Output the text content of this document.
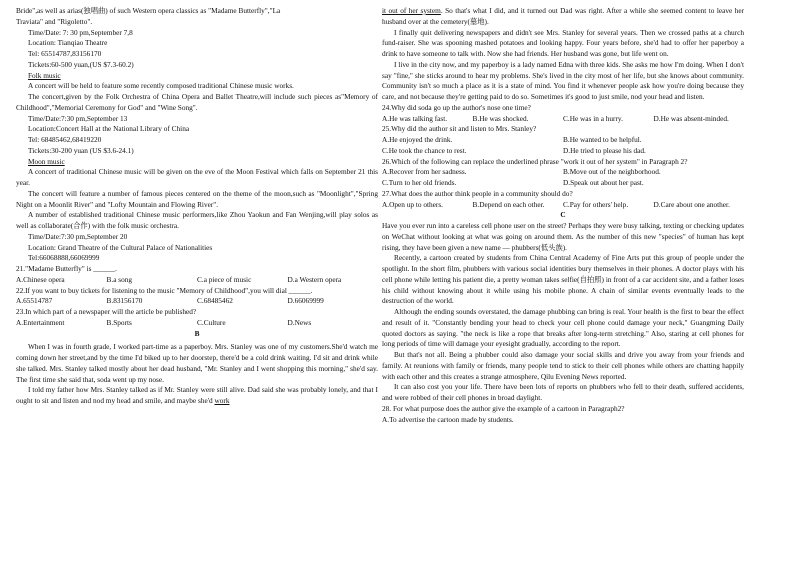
Bride",as well as arias(独唱曲) of such Western opera classics as "Madame Butterfly","La

Traviata" and "Rigoletto".

Time/Date: 7: 30 pm,September 7,8

Location: Tianqiao Theatre

Tel: 65514787,83156170

Tickets:60-500 yuan,(US $7.3-60.2)

Folk music

A concert will be held to feature some recently composed traditional Chinese music works.

The concert,given by the Folk Orchestra of China Opera and Ballet Theatre,will include such pieces as"Memory of Childhood","Memorial Ceremony for God" and "Wine Song".

Time/Date:7:30 pm,September 13

Location:Concert Hall at the National Library of China

Tel: 68485462,68419220

Tickets:30-200 yuan (US $3.6-24.1)

Moon music

A concert of traditional Chinese music will be given on the eve of the Moon Festival which falls on September 21 this year.

The concert will feature a number of famous pieces centered on the theme of the moon,such as "Moonlight","Spring Night on a Moonlit River" and "Lofty Mountain and Flowing River".

A number of established traditional Chinese music performers,like Zhou Yaokun and Fan Wenjing,will play solos as well as collaborate(合作) with the folk music orchestra.

Time/Date:7:30 pm,September 20

Location: Grand Theatre of the Cultural Palace of Nationalities

Tel:66068888,66069999

21."Madame Butterfly" is ______.

A.Chinese opera	B.a song	C.a piece of music	D.a Western opera

22.If you want to buy tickets for listening to the music "Memory of Childhood",you will dial ______.

A.65514787	B.83156170	C.68485462	D.66069999

23.In which part of a newspaper will the article be published?

A.Entertainment	B.Sports	C.Culture	D.News

B

When I was in fourth grade, I worked part-time as a paperboy. Mrs. Stanley was one of my customers.She'd watch me coming down her street,and by the time I'd biked up to her doorstep, there'd be a cold drink waiting. I'd sit and drink while she talked. Mrs. Stanley talked mostly about her dead husband, "Mr. Stanley and I went shopping this morning," she'd say. The first time she said that, soda went up my nose.

I told my father how Mrs. Stanley talked as if Mr. Stanley were still alive. Dad said she was probably lonely, and that I ought to sit and listen and nod my head and smile, and maybe she'd work

it out of her system. So that's what I did, and it turned out Dad was right. After a while she seemed content to leave her husband over at the cemetery(墓地).

I finally quit delivering newspapers and didn't see Mrs. Stanley for several years. Then we crossed paths at a church fund-raiser. She was spooning mashed potatoes and looking happy. Four years before, she'd had to offer her paperboy a drink to have someone to talk with. Now she had friends. Her husband was gone, but life went on.

I live in the city now, and my paperboy is a lady named Edna with three kids. She asks me how I'm doing. When I don't say "fine," she sticks around to hear my problems. She's lived in the city most of her life, but she knows about community. Community isn't so much a place as it is a state of mind. You find it whenever people ask how you're doing because they care, and not because they're getting paid to do so. Sometimes it's good to just smile, nod your head and listen.

24.Why did soda go up the author's nose one time?

A.He was talking fast.	B.He was shocked.	C.He was in a hurry.	D.He was absent-minded.

25.Why did the author sit and listen to Mrs. Stanley?

A.He enjoyed the drink.	B.He wanted to be helpful.
C.He took the chance to rest.	D.He tried to please his dad.

26.Which of the following can replace the underlined phrase "work it out of her system" in Paragraph 2?

A.Recover from her sadness.	B.Move out of the neighborhood.
C.Turn to her old friends.	D.Speak out about her past.

27.What does the author think people in a community should do?

A.Open up to others.	B.Depend on each other.	C.Pay for others' help.	D.Care about one another.

C

Have you ever run into a careless cell phone user on the street? Perhaps they were busy talking, texting or checking updates on WeChat without looking at what was going on around them. As the number of this new "species" of human has kept rising, they have been given a new name — phubbers(低头族).

Recently, a cartoon created by students from China Central Academy of Fine Arts put this group of people under the spotlight. In the short film, phubbers with various social identities bury themselves in their phones. A doctor plays with his cell phone while letting his patient die, a pretty woman takes selfie(自拍照) in front of a car accident site, and a father loses his child without knowing about it while using his mobile phone. A chain of similar events eventually leads to the destruction of the world.

Although the ending sounds overstated, the damage phubbing can bring is real. Your health is the first to bear the effect and result of it. "Constantly bending your head to check your cell phone could damage your neck," Guangming Daily quoted doctors as saying. "the neck is like a rope that breaks after long-term stretching." Also, staring at cell phones for long periods of time will damage your eyesight gradually, according to the report.

But that's not all. Being a phubber could also damage your social skills and drive you away from your friends and family. At reunions with family or friends, many people tend to stick to their cell phones while others are chatting happily with each other and this creates a strange atmosphere, Qilu Evening News reported.

It can also cost you your life. There have been lots of reports on phubbers who fell to their death, suffered accidents, and were robbed of their cell phones in broad daylight.

28. For what purpose does the author give the example of a cartoon in Paragraph2?

A.To advertise the cartoon made by students.
